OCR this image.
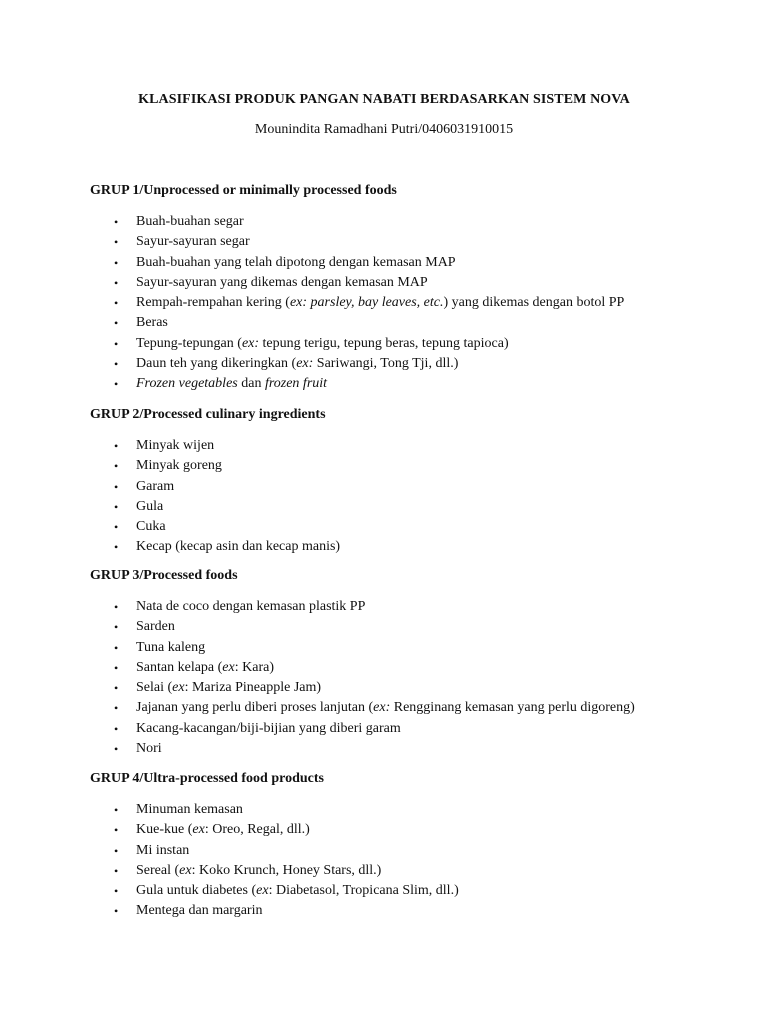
KLASIFIKASI PRODUK PANGAN NABATI BERDASARKAN SISTEM NOVA
Mounindita Ramadhani Putri/0406031910015
GRUP 1/Unprocessed or minimally processed foods
• Buah-buahan segar
• Sayur-sayuran segar
• Buah-buahan yang telah dipotong dengan kemasan MAP
• Sayur-sayuran yang dikemas dengan kemasan MAP
• Rempah-rempahan kering (ex: parsley, bay leaves, etc.) yang dikemas dengan botol PP
• Beras
• Tepung-tepungan (ex: tepung terigu, tepung beras, tepung tapioca)
• Daun teh yang dikeringkan (ex: Sariwangi, Tong Tji, dll.)
• Frozen vegetables dan frozen fruit
GRUP 2/Processed culinary ingredients
• Minyak wijen
• Minyak goreng
• Garam
• Gula
• Cuka
• Kecap (kecap asin dan kecap manis)
GRUP 3/Processed foods
• Nata de coco dengan kemasan plastik PP
• Sarden
• Tuna kaleng
• Santan kelapa (ex: Kara)
• Selai (ex: Mariza Pineapple Jam)
• Jajanan yang perlu diberi proses lanjutan (ex: Rengginang kemasan yang perlu digoreng)
• Kacang-kacangan/biji-bijian yang diberi garam
• Nori
GRUP 4/Ultra-processed food products
• Minuman kemasan
• Kue-kue (ex: Oreo, Regal, dll.)
• Mi instan
• Sereal (ex: Koko Krunch, Honey Stars, dll.)
• Gula untuk diabetes (ex: Diabetasol, Tropicana Slim, dll.)
• Mentega dan margarin
